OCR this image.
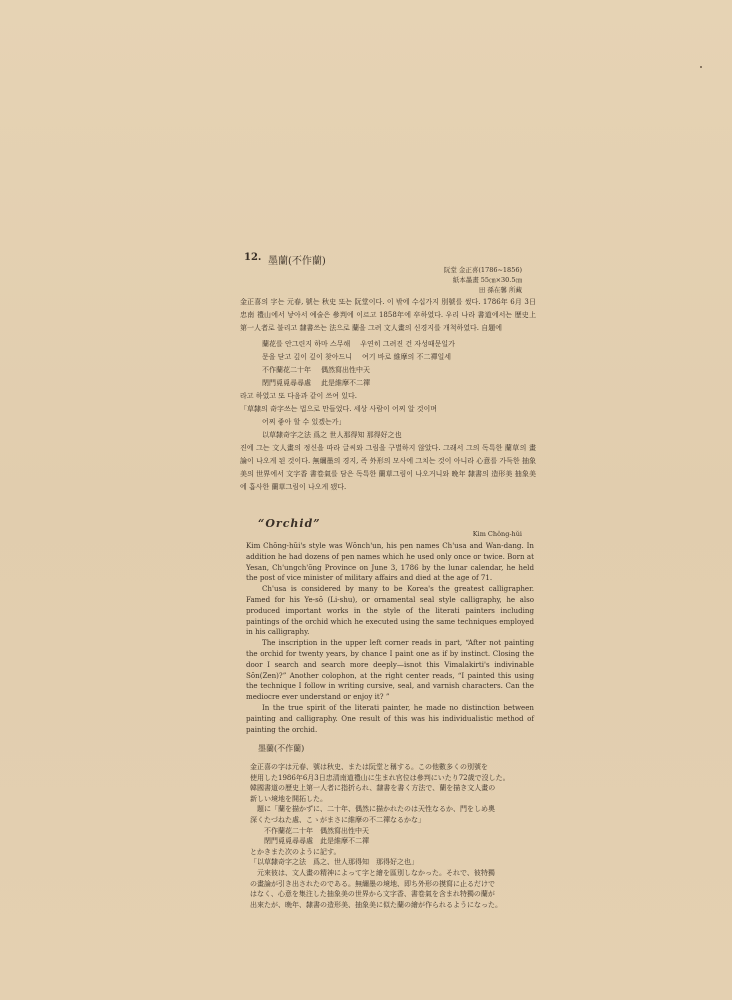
12. 墨蘭(不作蘭)
阮堂 金正喜(1786~1856)
紙本墨畫 55㎝×30.5㎝
田 孫在馨 所藏

金正喜의 字는 元春, 號는 秋史 또는 阮堂이다. 이 밖에 수십가지 別號를 썼다. 1786年 6月 3日 忠南 禮山에서 낳아서 예술은 參判에 이르고 1858年에 卒하였다. 우리 나라 書道에서는 歷史上 第一人者로 불리고 隸書쓰는 法으로 蘭을 그려 文人畫의 신경지를 개척하였다. 自題에

蘭花를 안그린지 하마 스무해 우연히 그려진 건 자성때문일가
문을 닫고 깊이 깊이 찾아드니 여기 바로 維摩의 不二禪일세
不作蘭花二十年 偶然寫出性中天
閉門覓覓尋尋處 此是維摩不二禪

라고 하였고 또 다음과 같이 쓰여 있다.

「草隸의 奇字쓰는 법으로 만들었다. 세상 사람이 어찌 알 것이며

어찌 좋아 할 수 있겠는가」

以草隸奇字之法 爲之 世人那得知 那得好之也

진에 그는 文人畫의 정신을 따라 글씨와 그림을 구별하지 않았다. 그래서 그의 독특한 蘭草의 畫論이 나오게 된 것이다. 無䌤墨의 경지, 즉 外形의 모사에 그치는 것이 아니라 心意를 가득한 抽象美의 世界에서 文字香 書卷氣를 담은 독특한 蘭草그림이 나오거니와 晩年 隸書의 造形美 抽象美에 흡사한 蘭草그림이 나오게 됐다.

“Orchid”
Kim Chŏng-hŭi

Kim Chŏng-hŭi's style was Wŏnch'un, his pen names Ch'usa and Wan-dang. In addition he had dozens of pen names which he used only once or twice. Born at Yesan, Ch'ungch'ŏng Province on June 3, 1786 by the lunar calendar, he held the post of vice minister of military affairs and died at the age of 71.

Ch'usa is considered by many to be Korea's the greatest calligrapher. Famed for his Ye-sŏ (Li-shu), or ornamental seal style calligraphy, he also produced important works in the style of the literati painters including paintings of the orchid which he executed using the same techniques employed in his calligraphy.

The inscription in the upper left corner reads in part, “After not painting the orchid for twenty years, by chance I paint one as if by instinct. Closing the door I search and search more deeply—isnot this Vimalakirti's indivinable Sŏn(Zen)?” Another colophon, at the right center reads, “I painted this using the technique I follow in writing cursive, seal, and varnish characters. Can the mediocre ever understand or enjoy it? ”

In the true spirit of the literati painter, he made no distinction between painting and calligraphy. One result of this was his individualistic method of painting the orchid.

墨蘭(不作蘭)

金正喜の字は元春、號は秋史、または阮堂と稱する。この他數多くの別號を

使用した1986年6月3日忠清南道禮山に生まれ官位は參判にいたり72歲で沒した。

韓國書道の歷史上第一人者に指折られ、隸書を書く方法で、蘭を描き文人畫の

新しい境地を開拓した。

　題に「蘭を描かずに、二十年、偶然に描かれたのは天性なるか、門をしめ奧

深くたづねた處、こゝがまさに維摩の不二禪なるかな」

　　不作蘭花二十年　偶然寫出性中天

　　閉門覓覓尋尋處　此是維摩不二禪

とかきまた次のように記す。

「以草隸奇字之法　爲之、世人那得知　那得好之也」

　元來彼は、文人畫の精神によって字と繪を區別しなかった。それで、彼特獨

の畫論が引き出されたのである。無䌤墨の境地、即ち外形の摸寫に止るだけで

はなく、心意を集注した抽象美の世界から文字香、書卷氣を含まれ特獨の蘭が

出來たが、晩年、隸書の造形美、抽象美に似た蘭の繪が作られるようになった。
